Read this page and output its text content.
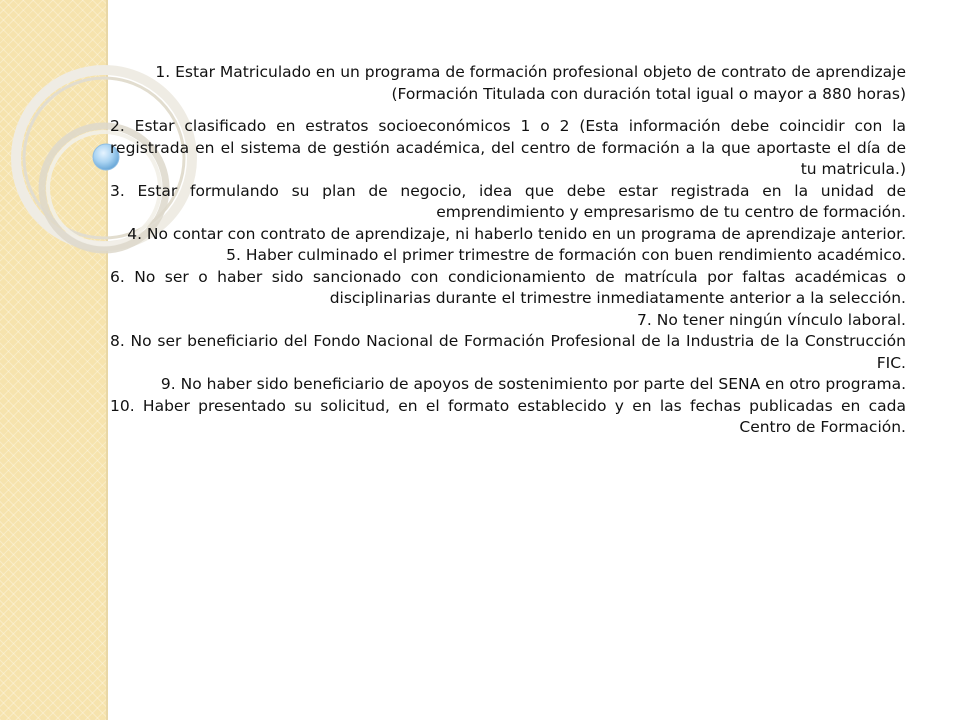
1. Estar Matriculado en un programa de formación profesional objeto de contrato de aprendizaje (Formación Titulada con duración total igual o mayor a 880 horas)

2. Estar clasificado en estratos socioeconómicos 1 o 2 (Esta información debe coincidir con la registrada en el sistema de gestión académica, del centro de formación a la que aportaste el día de tu matricula.)

3. Estar formulando su plan de negocio, idea que debe estar registrada en la unidad de emprendimiento y empresarismo de tu centro de formación.

4. No contar con contrato de aprendizaje, ni haberlo tenido en un programa de aprendizaje anterior.

5. Haber culminado el primer trimestre de formación con buen rendimiento académico.

6. No ser o haber sido sancionado con condicionamiento de matrícula por faltas académicas o disciplinarias durante el trimestre inmediatamente anterior a la selección.

7. No tener ningún vínculo laboral.

8. No ser beneficiario del Fondo Nacional de Formación Profesional de la Industria de la Construcción FIC.

9. No haber sido beneficiario de apoyos de sostenimiento por parte del SENA en otro programa.

10. Haber presentado su solicitud, en el formato establecido y en las fechas publicadas en cada Centro de Formación.
